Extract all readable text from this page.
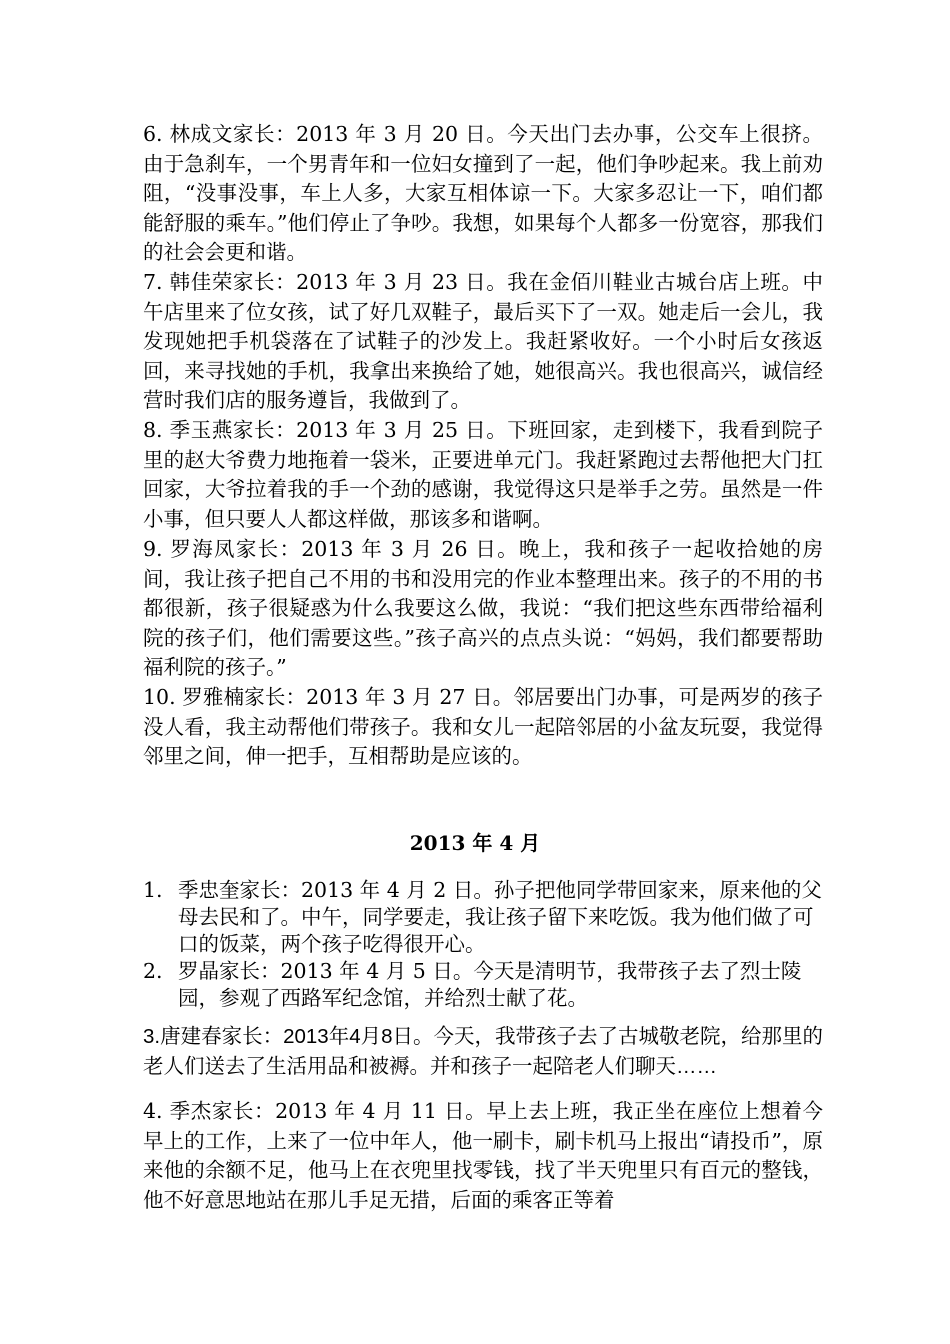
6. 林成文家长：2013 年 3 月 20 日。今天出门去办事，公交车上很挤。由于急刹车，一个男青年和一位妇女撞到了一起，他们争吵起来。我上前劝阻，“没事没事，车上人多，大家互相体谅一下。大家多忍让一下，咱们都能舒服的乘车。”他们停止了争吵。我想，如果每个人都多一份宽容，那我们的社会会更和谐。

7. 韩佳荣家长：2013 年 3 月 23 日。我在金佰川鞋业古城台店上班。中午店里来了位女孩，试了好几双鞋子，最后买下了一双。她走后一会儿，我发现她把手机袋落在了试鞋子的沙发上。我赶紧收好。一个小时后女孩返回，来寻找她的手机，我拿出来换给了她，她很高兴。我也很高兴，诚信经营时我们店的服务遵旨，我做到了。

8. 季玉燕家长：2013 年 3 月 25 日。下班回家，走到楼下，我看到院子里的赵大爷费力地拖着一袋米，正要进单元门。我赶紧跑过去帮他把大门扛回家，大爷拉着我的手一个劲的感谢，我觉得这只是举手之劳。虽然是一件小事，但只要人人都这样做，那该多和谐啊。

9. 罗海凤家长：2013 年 3 月 26 日。晚上，我和孩子一起收拾她的房间，我让孩子把自己不用的书和没用完的作业本整理出来。孩子的不用的书都很新，孩子很疑惑为什么我要这么做，我说：“我们把这些东西带给福利院的孩子们，他们需要这些。”孩子高兴的点点头说：“妈妈，我们都要帮助福利院的孩子。”

10. 罗雅楠家长：2013 年 3 月 27 日。邻居要出门办事，可是两岁的孩子没人看，我主动帮他们带孩子。我和女儿一起陪邻居的小盆友玩耍，我觉得邻里之间，伸一把手，互相帮助是应该的。

2013 年 4 月
1. 季忠奎家长：2013 年 4 月 2 日。孙子把他同学带回家来，原来他的父母去民和了。中午，同学要走，我让孩子留下来吃饭。我为他们做了可口的饭菜，两个孩子吃得很开心。
2. 罗晶家长：2013 年 4 月 5 日。今天是清明节，我带孩子去了烈士陵园，参观了西路军纪念馆，并给烈士献了花。

3.唐建春家长：2013年4月8日。今天，我带孩子去了古城敬老院，给那里的老人们送去了生活用品和被褥。并和孩子一起陪老人们聊天……

4. 季杰家长：2013 年 4 月 11 日。早上去上班，我正坐在座位上想着今早上的工作，上来了一位中年人，他一刷卡，刷卡机马上报出“请投币”，原来他的余额不足，他马上在衣兜里找零钱，找了半天兜里只有百元的整钱，他不好意思地站在那儿手足无措，后面的乘客正等着
